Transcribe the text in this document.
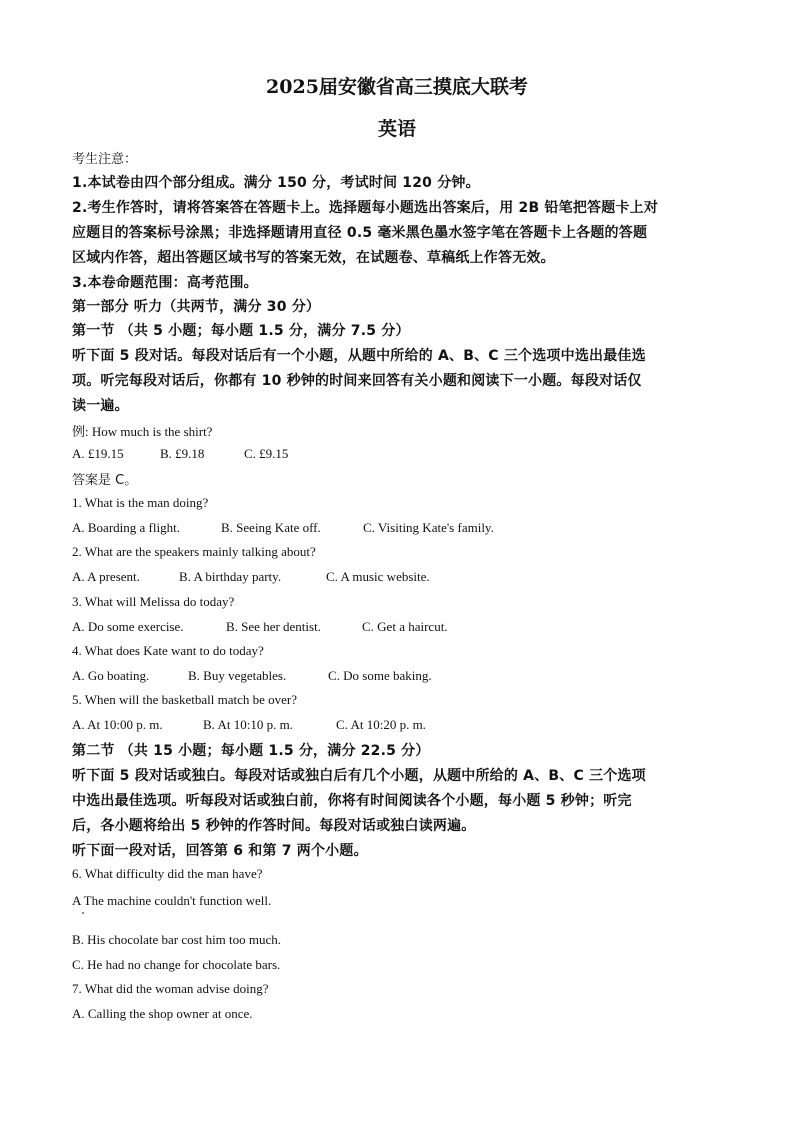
2025届安徽省高三摸底大联考
英语
考生注意：
1.本试卷由四个部分组成。满分 150 分，考试时间 120 分钟。
2.考生作答时，请将答案答在答题卡上。选择题每小题选出答案后，用 2B 铅笔把答题卡上对
应题目的答案标号涂黑；非选择题请用直径 0.5 毫米黑色墨水签字笔在答题卡上各题的答题
区域内作答，超出答题区域书写的答案无效，在试题卷、草稿纸上作答无效。
3.本卷命题范围：高考范围。
第一部分 听力（共两节，满分 30 分）
第一节 （共 5 小题；每小题 1.5 分，满分 7.5 分）
听下面 5 段对话。每段对话后有一个小题，从题中所给的 A、B、C 三个选项中选出最佳选
项。听完每段对话后，你都有 10 秒钟的时间来回答有关小题和阅读下一小题。每段对话仅
读一遍。
例: How much is the shirt?
A. £19.15	B. £9.18	C. £9.15
答案是 C。
1. What is the man doing?
A. Boarding a flight.	B. Seeing Kate off.	C. Visiting Kate's family.
2. What are the speakers mainly talking about?
A. A present.	B. A birthday party.	C. A music website.
3. What will Melissa do today?
A. Do some exercise.	B. See her dentist.	C. Get a haircut.
4. What does Kate want to do today?
A. Go boating.	B. Buy vegetables.	C. Do some baking.
5. When will the basketball match be over?
A. At 10:00 p. m.	B. At 10:10 p. m.	C. At 10:20 p. m.
第二节 （共 15 小题；每小题 1.5 分，满分 22.5 分）
听下面 5 段对话或独白。每段对话或独白后有几个小题，从题中所给的 A、B、C 三个选项
中选出最佳选项。听每段对话或独白前，你将有时间阅读各个小题，每小题 5 秒钟；听完
后，各小题将给出 5 秒钟的作答时间。每段对话或独白读两遍。
听下面一段对话，回答第 6 和第 7 两个小题。
6. What difficulty did the man have?
A The machine couldn't function well.
B. His chocolate bar cost him too much.
C. He had no change for chocolate bars.
7. What did the woman advise doing?
A. Calling the shop owner at once.
